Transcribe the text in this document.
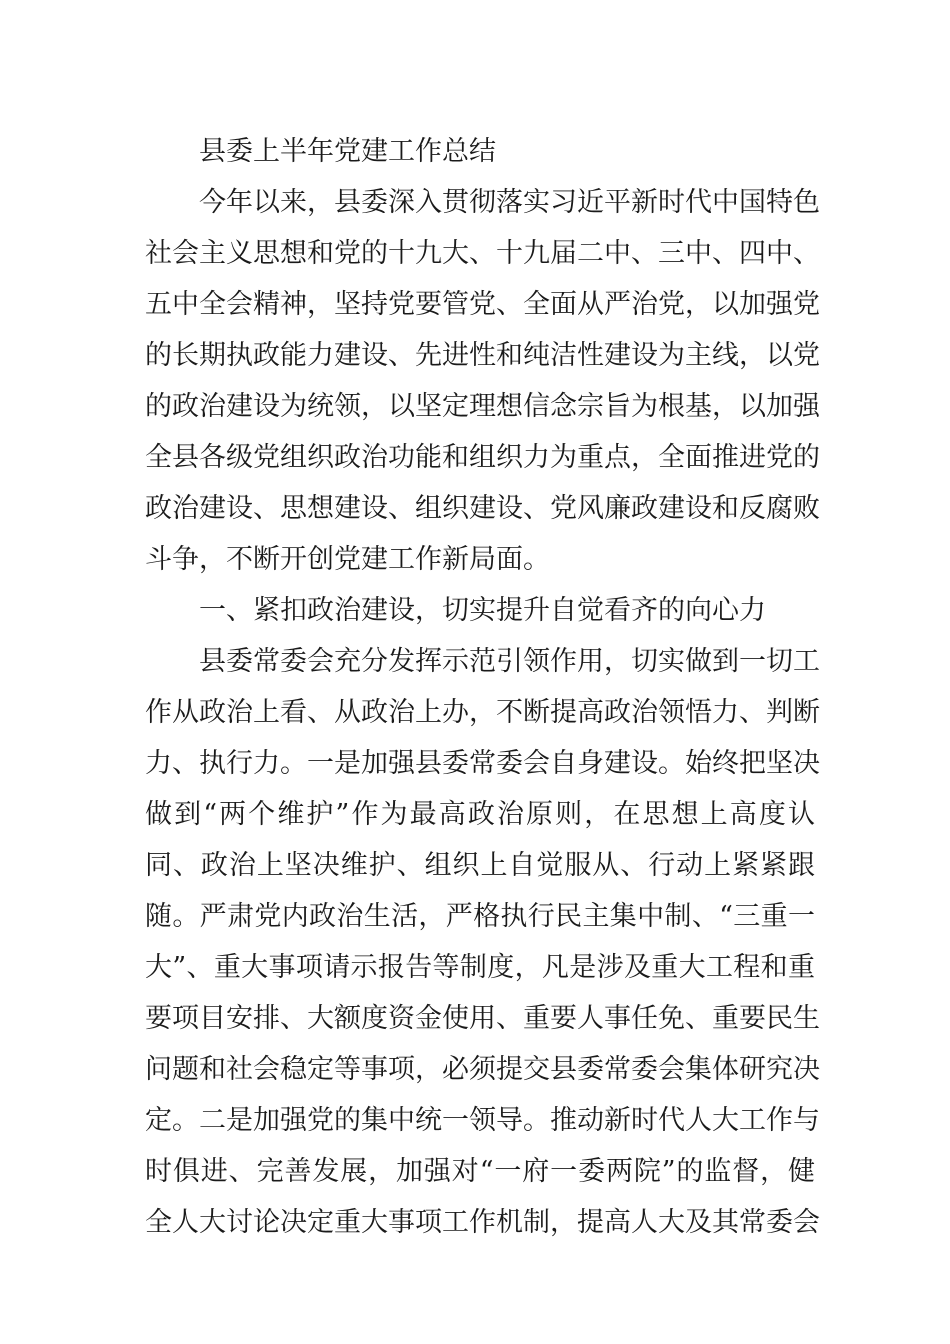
县委上半年党建工作总结
今年以来，县委深入贯彻落实习近平新时代中国特色
社会主义思想和党的十九大、十九届二中、三中、四中、
五中全会精神，坚持党要管党、全面从严治党，以加强党
的长期执政能力建设、先进性和纯洁性建设为主线，以党
的政治建设为统领，以坚定理想信念宗旨为根基，以加强
全县各级党组织政治功能和组织力为重点，全面推进党的
政治建设、思想建设、组织建设、党风廉政建设和反腐败
斗争，不断开创党建工作新局面。
一、紧扣政治建设，切实提升自觉看齐的向心力
县委常委会充分发挥示范引领作用，切实做到一切工
作从政治上看、从政治上办，不断提高政治领悟力、判断
力、执行力。一是加强县委常委会自身建设。始终把坚决
做到“两个维护”作为最高政治原则，在思想上高度认
同、政治上坚决维护、组织上自觉服从、行动上紧紧跟
随。严肃党内政治生活，严格执行民主集中制、“三重一
大”、重大事项请示报告等制度，凡是涉及重大工程和重
要项目安排、大额度资金使用、重要人事任免、重要民生
问题和社会稳定等事项，必须提交县委常委会集体研究决
定。二是加强党的集中统一领导。推动新时代人大工作与
时俱进、完善发展，加强对“一府一委两院”的监督，健
全人大讨论决定重大事项工作机制，提高人大及其常委会
